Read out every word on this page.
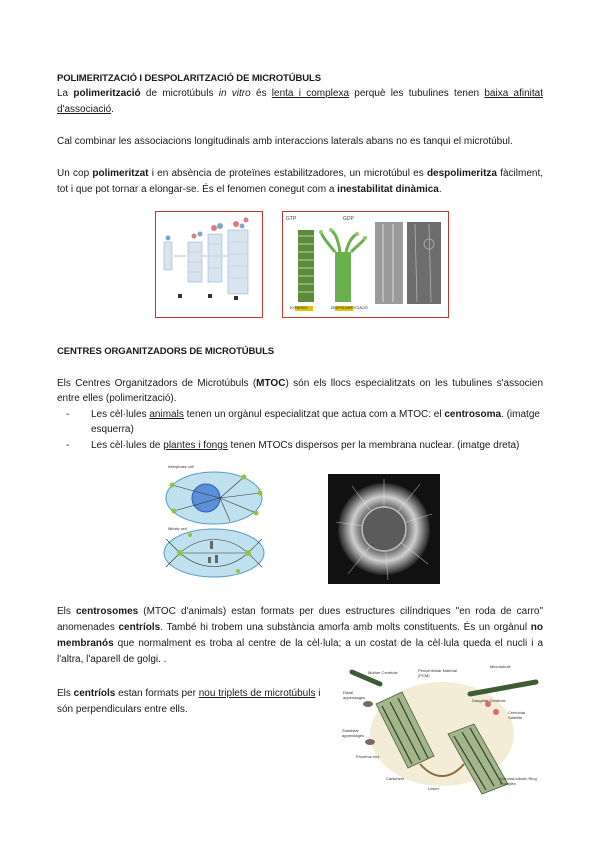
POLIMERITZACIÓ I DESPOLARITZACIÓ DE MICROTÚBULS
La polimerització de microtúbuls in vitro és lenta i complexa perquè les tubulines tenen baixa afinitat
d'associació.
Cal combinar les associacions longitudinals amb interaccions laterals abans no es tanqui el microtúbul.
Un cop polimeritzat i en absència de proteïnes estabilitzadores, un microtúbul es despolimeritza fàcilment,
tot i que pot tornar a elongar-se. És el fenomen conegut com a inestabilitat dinàmica.
GTP	GDP
EXPANSIÓ	DESPOLIMERITZACIÓ
CENTRES ORGANITZADORS DE MICROTÚBULS
Els Centres Organitzadors de Microtúbuls (MTOC) són els llocs especialitzats on les tubulines s'associen
entre elles (polimerització).
- Les cèl·lules animals tenen un orgànul especialitzat que actua com a MTOC: el centrosoma. (imatge
esquerra)
- Les cèl·lules de plantes i fongs tenen MTOCs dispersos per la membrana nuclear. (imatge dreta)
Interphase cell
Mitotic cell
Els centrosomes (MTOC d'animals) estan formats per dues estructures cilíndriques "en roda de carro"
anomenades centríols. També hi trobem una substància amorfa amb molts constituents. És un orgànul no
membranós que normalment es troba al centre de la cèl·lula; a un costat de la cèl·lula queda el nucli i a
l'altra, l'aparell de golgi. .
Els centríols estan formats per nou triplets de microtúbuls i
són perpendiculars entre ells.
Mother Centriole	Pericentriolar Material (PCM)
Microtubule
Distal appendages
Daughter Centriole
Centriolar Satellite
Subdistal appendages
Proximal end
Cartwheel	Gamma-tubulin Ring Complex
Linker
